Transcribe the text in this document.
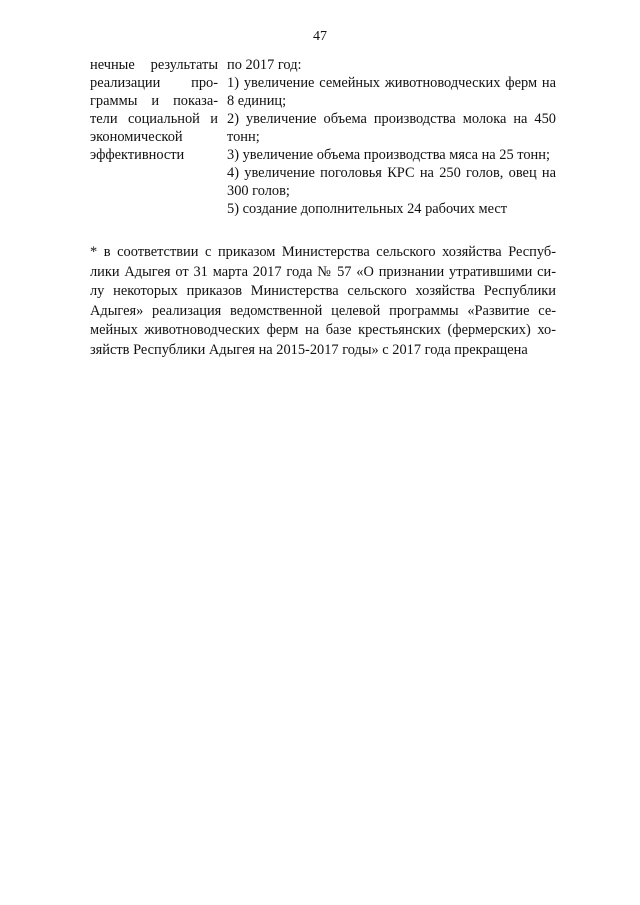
47
нечные результаты
реализации про-
граммы и показа-
тели социальной и
экономической
эффективности

по 2017 год:

1) увеличение семейных животноводческих ферм на 8 единиц;

2) увеличение объема производства молока на 450 тонн;

3) увеличение объема производства мяса на 25 тонн;

4) увеличение поголовья КРС на 250 голов, овец на 300 голов;

5) создание дополнительных 24 рабочих мест

* в соответствии с приказом Министерства сельского хозяйства Респуб-
лики Адыгея от 31 марта 2017 года № 57 «О признании утратившими си-
лу некоторых приказов Министерства сельского хозяйства Республики
Адыгея» реализация ведомственной целевой программы «Развитие се-
мейных животноводческих ферм на базе крестьянских (фермерских) хо-
зяйств Республики Адыгея на 2015-2017 годы» с 2017 года прекращена
